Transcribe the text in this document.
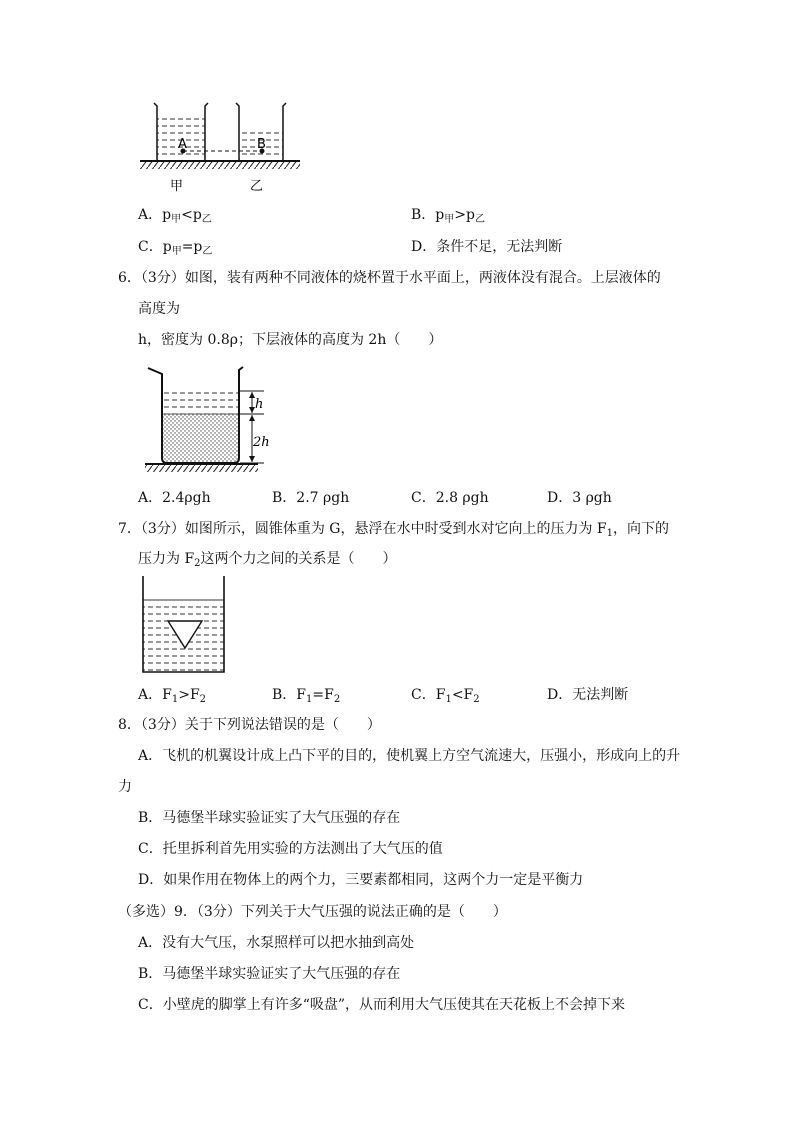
A	B
甲	乙
A．$p_甲<p_乙$	B．$p_甲>p_乙$
C．$p_甲=p_乙$	D．条件不足，无法判断
6．（3分）如图，装有两种不同液体的烧杯置于水平面上，两液体没有混合。上层液体的
高度为
h，密度为 0.8ρ；下层液体的高度为 2h（　　）
h
2h
A．2.4ρgh	B．2.7 ρgh	C．2.8 ρgh	D．3 ρgh
7．（3分）如图所示，圆锥体重为 G，悬浮在水中时受到水对它向上的压力为 $F_1$，向下的
压力为 $F_2$这两个力之间的关系是（　　）
A．$F_1>F_2$	B．$F_1=F_2$	C．$F_1<F_2$	D．无法判断
8．（3分）关于下列说法错误的是（　　）
A．飞机的机翼设计成上凸下平的目的，使机翼上方空气流速大，压强小，形成向上的升
力
B．马德堡半球实验证实了大气压强的存在
C．托里拆利首先用实验的方法测出了大气压的值
D．如果作用在物体上的两个力，三要素都相同，这两个力一定是平衡力
（多选）9．（3分）下列关于大气压强的说法正确的是（　　）
A．没有大气压，水泵照样可以把水抽到高处
B．马德堡半球实验证实了大气压强的存在
C．小壁虎的脚掌上有许多“吸盘”，从而利用大气压使其在天花板上不会掉下来
